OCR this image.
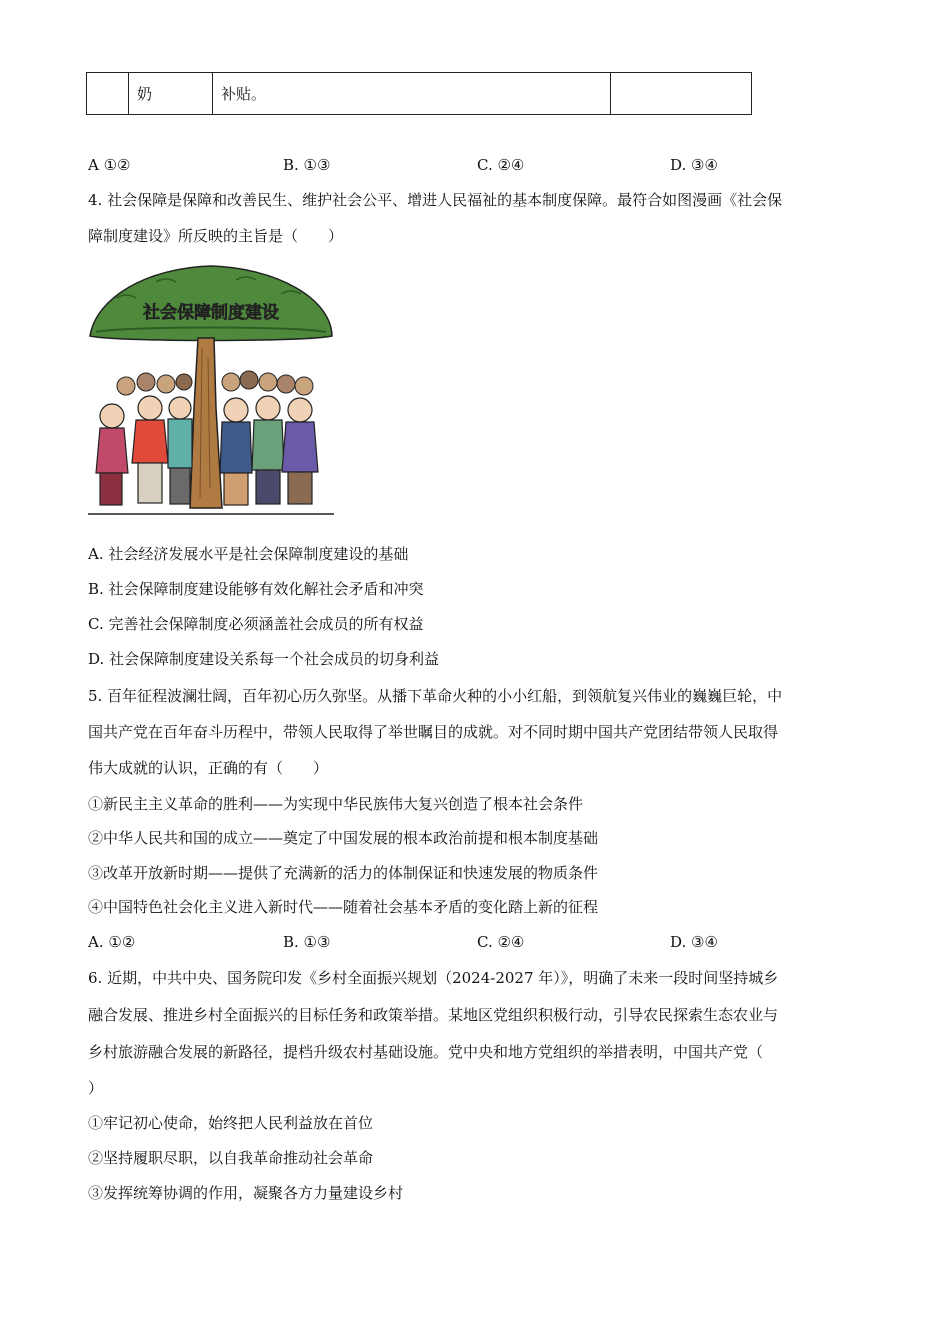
	奶	补贴。	
A ①②	B. ①③	C. ②④	D. ③④
4. 社会保障是保障和改善民生、维护社会公平、增进人民福祉的基本制度保障。最符合如图漫画《社会保
障制度建设》所反映的主旨是（　　）
社会保障制度建设
A. 社会经济发展水平是社会保障制度建设的基础
B. 社会保障制度建设能够有效化解社会矛盾和冲突
C. 完善社会保障制度必须涵盖社会成员的所有权益
D. 社会保障制度建设关系每一个社会成员的切身利益
5. 百年征程波澜壮阔，百年初心历久弥坚。从播下革命火种的小小红船，到领航复兴伟业的巍巍巨轮，中
国共产党在百年奋斗历程中，带领人民取得了举世瞩目的成就。对不同时期中国共产党团结带领人民取得
伟大成就的认识，正确的有（　　）
①新民主主义革命的胜利——为实现中华民族伟大复兴创造了根本社会条件
②中华人民共和国的成立——奠定了中国发展的根本政治前提和根本制度基础
③改革开放新时期——提供了充满新的活力的体制保证和快速发展的物质条件
④中国特色社会化主义进入新时代——随着社会基本矛盾的变化踏上新的征程
A. ①②	B. ①③	C. ②④	D. ③④
6. 近期，中共中央、国务院印发《乡村全面振兴规划（2024-2027 年）》，明确了未来一段时间坚持城乡
融合发展、推进乡村全面振兴的目标任务和政策举措。某地区党组织积极行动，引导农民探索生态农业与
乡村旅游融合发展的新路径，提档升级农村基础设施。党中央和地方党组织的举措表明，中国共产党（
）
①牢记初心使命，始终把人民利益放在首位
②坚持履职尽职，以自我革命推动社会革命
③发挥统筹协调的作用，凝聚各方力量建设乡村
